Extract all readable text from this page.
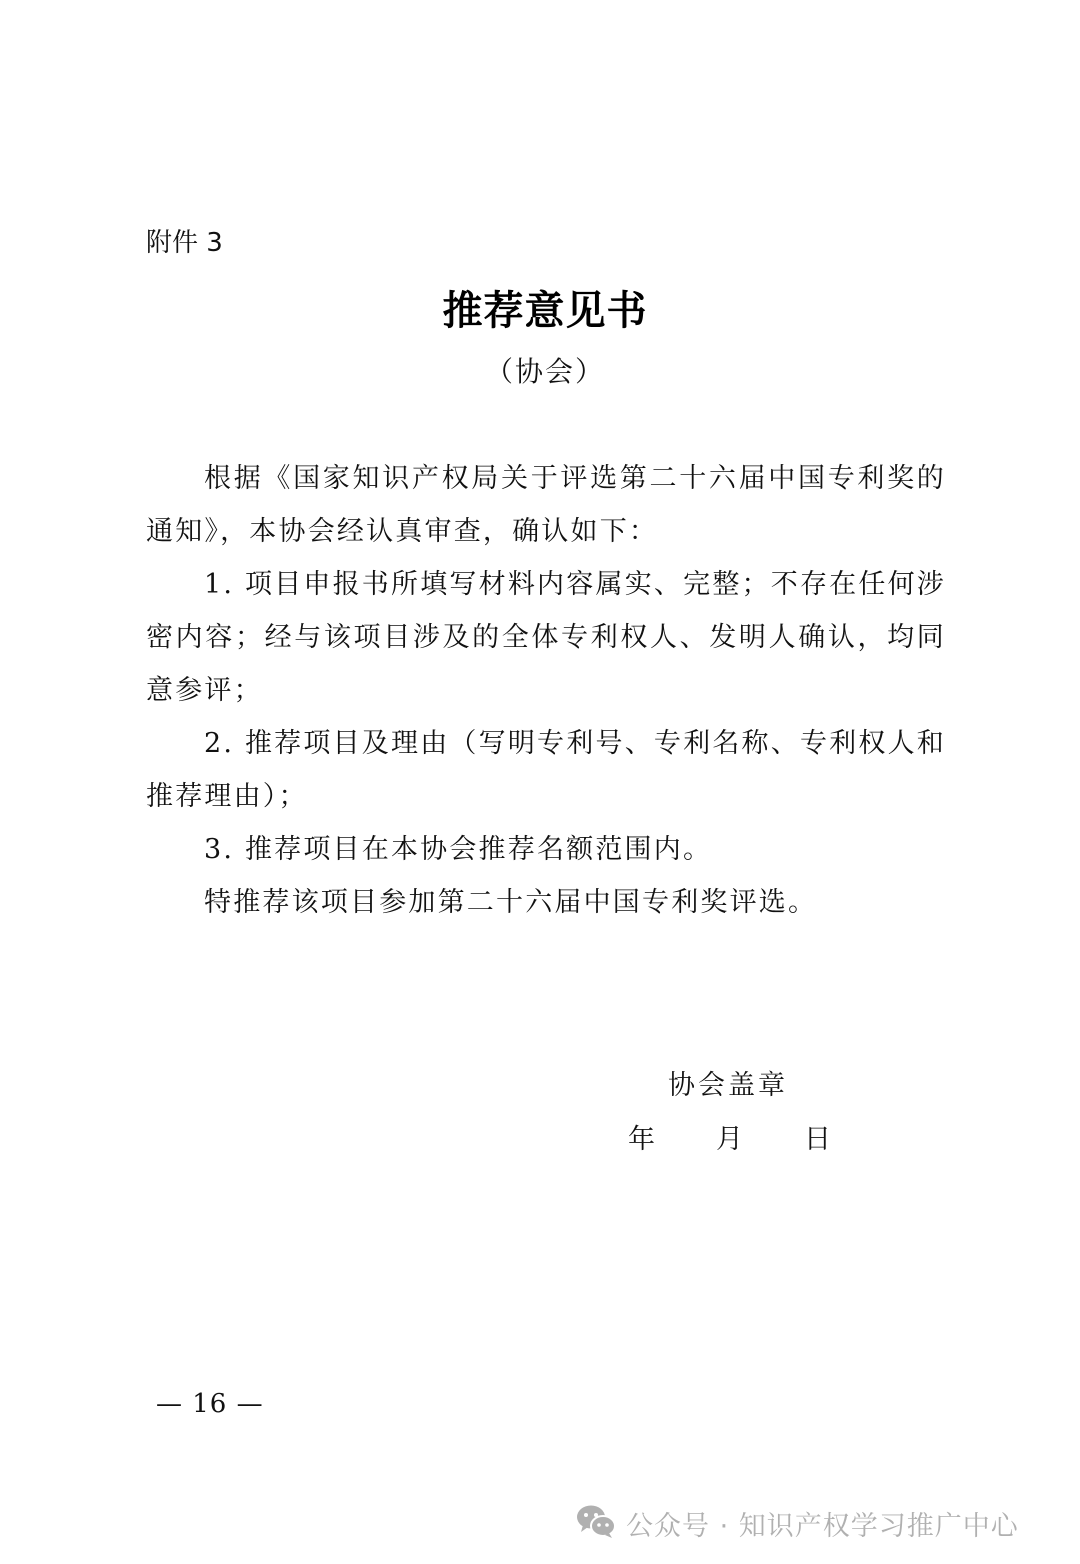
附件 3
推荐意见书
（协会）

根据《国家知识产权局关于评选第二十六届中国专利奖的通知》，本协会经认真审查，确认如下：

1. 项目申报书所填写材料内容属实、完整；不存在任何涉密内容；经与该项目涉及的全体专利权人、发明人确认，均同意参评；

2. 推荐项目及理由（写明专利号、专利名称、专利权人和推荐理由）；

3. 推荐项目在本协会推荐名额范围内。

特推荐该项目参加第二十六届中国专利奖评选。

协会盖章
年	月	日
— 16 —
公众号 · 知识产权学习推广中心
